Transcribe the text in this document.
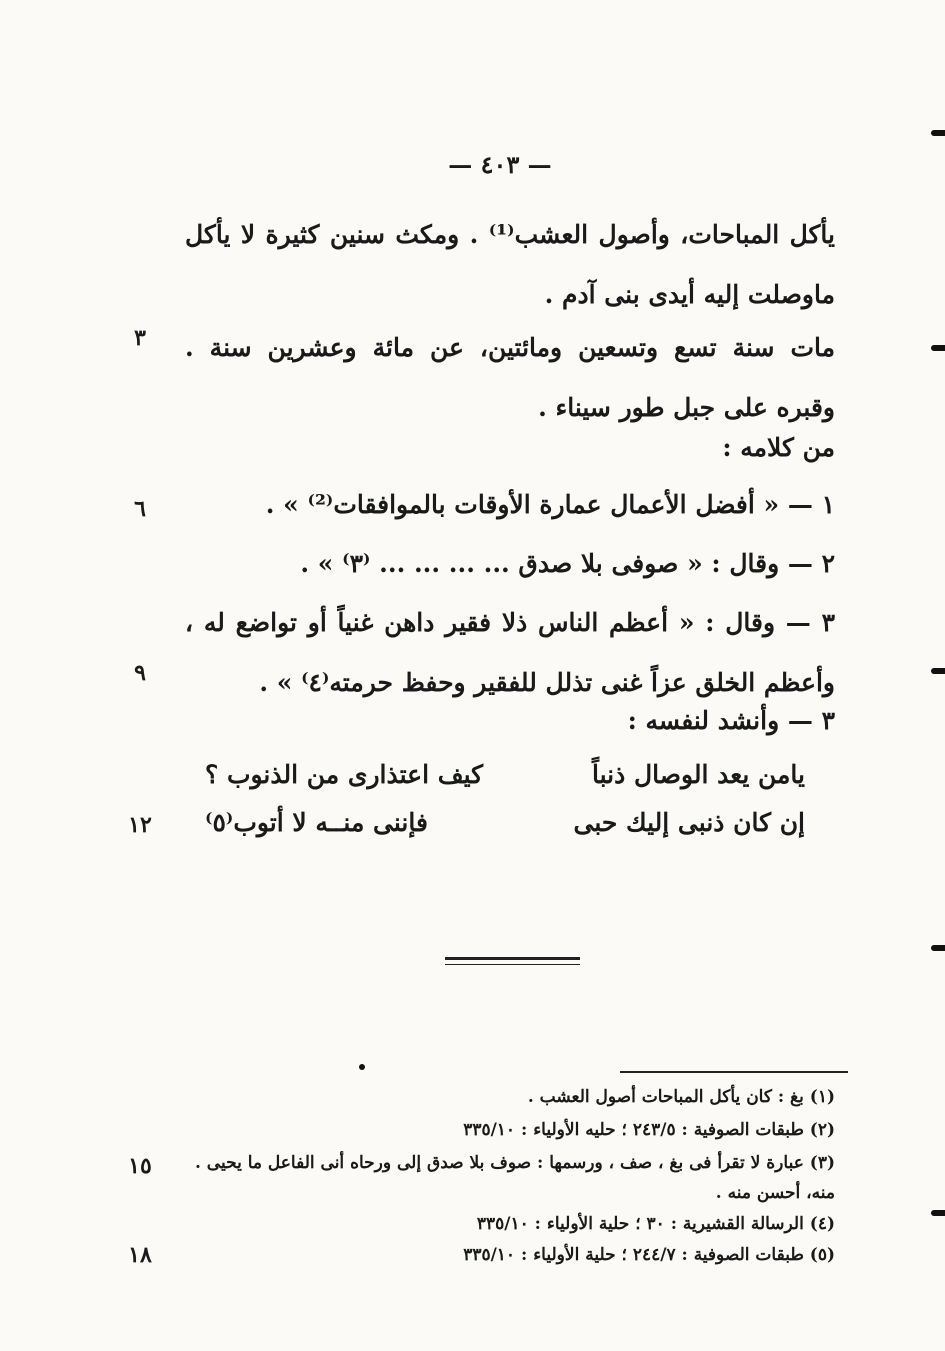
— ٤٠٣ —
يأكل المباحات، وأصول العشب⁽¹⁾ . ومكث سنين كثيرة لا يأكل ماوصلت إليه أيدى بنى آدم .
٣	مات سنة تسع وتسعين ومائتين، عن مائة وعشرين سنة . وقبره على جبل طور سيناء .
من كلامه :
٦	١ — « أفضل الأعمال عمارة الأوقات بالموافقات⁽²⁾ » .
٢ — وقال : « صوفى بلا صدق ... ... ... ... ⁽٣⁾ » .
٣ — وقال : « أعظم الناس ذلا فقير داهن غنياً أو تواضع له ، وأعظم الخلق عزاً غنى تذلل للفقير وحفظ حرمته⁽٤⁾ » .
٩
٣ — وأنشد لنفسه :
يامن يعد الوصال ذنباً
كيف اعتذارى من الذنوب ؟
١٢	إن كان ذنبى إليك حبى
فإننى منــه لا أتوب⁽٥⁾
(١) بغ : كان يأكل المباحات أصول العشب .
(٢) طبقات الصوفية : ٢٤٣/٥ ؛ حليه الأولياء : ٣٣٥/١٠
١٥	(٣) عبارة لا تقرأ فى بغ ، صف ، ورسمها : صوف بلا صدق إلى ورحاه أنى الفاعل ما يحيى .
منه، أحسن منه .
(٤) الرسالة القشيرية : ٣٠ ؛ حلية الأولياء : ٣٣٥/١٠
١٨	(٥) طبقات الصوفية : ٢٤٤/٧ ؛ حلية الأولياء : ٣٣٥/١٠
